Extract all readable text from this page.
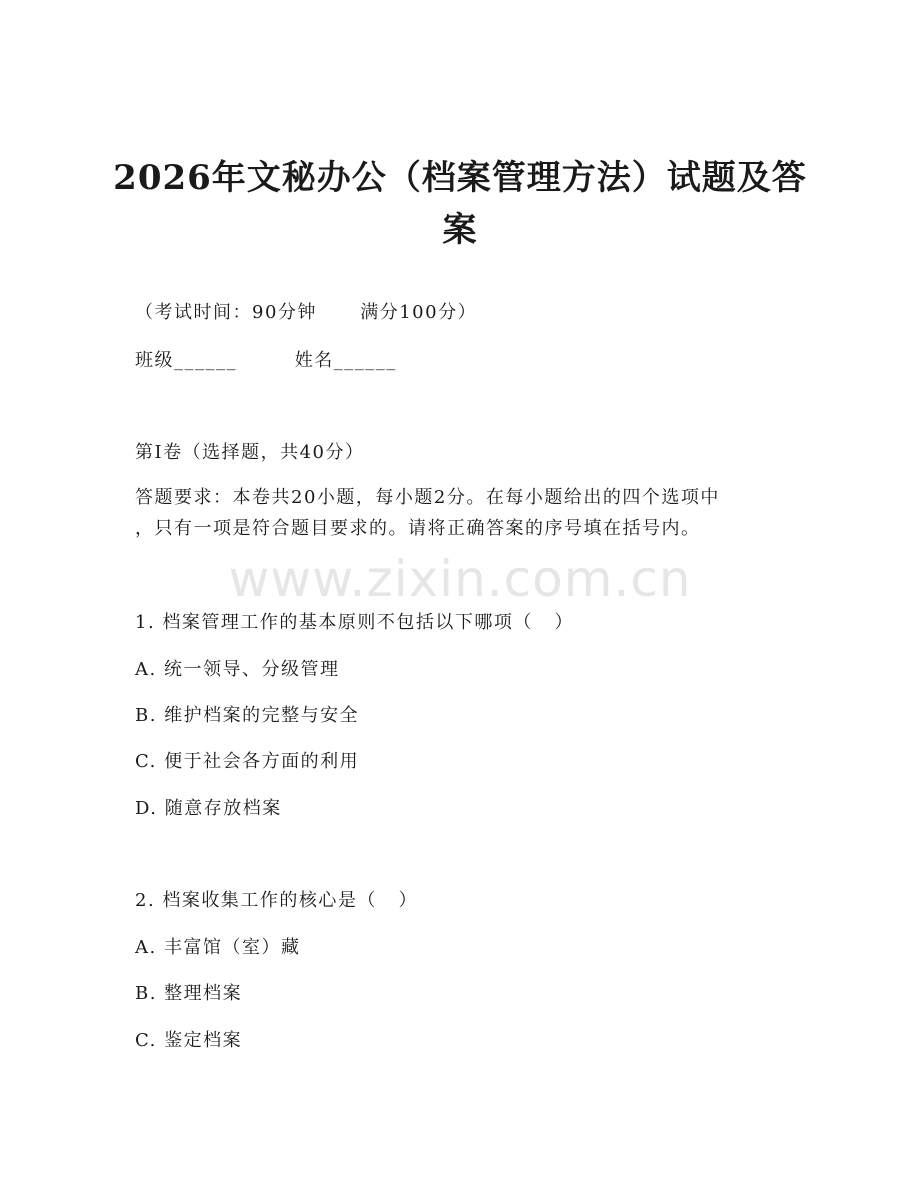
2026年文秘办公（档案管理方法）试题及答
案
（考试时间：90分钟      满分100分）
班级______        姓名______
第I卷（选择题，共40分）
答题要求：本卷共20小题，每小题2分。在每小题给出的四个选项中
，只有一项是符合题目要求的。请将正确答案的序号填在括号内。
www.zixin.com.cn
1. 档案管理工作的基本原则不包括以下哪项（   ）
A. 统一领导、分级管理
B. 维护档案的完整与安全
C. 便于社会各方面的利用
D. 随意存放档案
2. 档案收集工作的核心是（   ）
A. 丰富馆（室）藏
B. 整理档案
C. 鉴定档案
